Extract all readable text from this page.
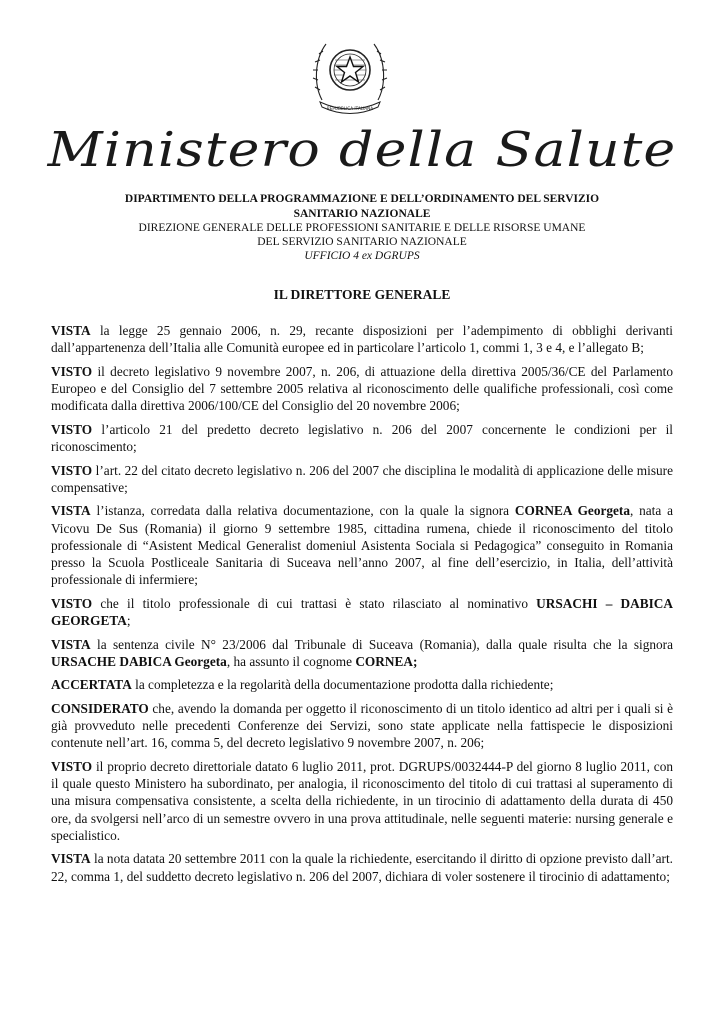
REPUBBLICA ITALIANA
Ministero della Salute
DIPARTIMENTO DELLA PROGRAMMAZIONE E DELL’ORDINAMENTO DEL SERVIZIO
SANITARIO NAZIONALE
DIREZIONE GENERALE DELLE PROFESSIONI SANITARIE E DELLE RISORSE UMANE
DEL SERVIZIO SANITARIO NAZIONALE
UFFICIO 4 ex DGRUPS
IL DIRETTORE GENERALE

VISTA la legge 25 gennaio 2006, n. 29, recante disposizioni per l’adempimento di obblighi derivanti dall’appartenenza dell’Italia alle Comunità europee ed in particolare l’articolo 1, commi 1, 3 e 4, e l’allegato B;

VISTO il decreto legislativo 9 novembre 2007, n. 206, di attuazione della direttiva 2005/36/CE del Parlamento Europeo e del Consiglio del 7 settembre 2005 relativa al riconoscimento delle qualifiche professionali, così come modificata dalla direttiva 2006/100/CE del Consiglio del 20 novembre 2006;

VISTO l’articolo 21 del predetto decreto legislativo n. 206 del 2007 concernente le condizioni per il riconoscimento;

VISTO l’art. 22 del citato decreto legislativo n. 206 del 2007 che disciplina le modalità di applicazione delle misure compensative;

VISTA l’istanza, corredata dalla relativa documentazione, con la quale la signora CORNEA Georgeta, nata a Vicovu De Sus (Romania) il giorno 9 settembre 1985, cittadina rumena, chiede il riconoscimento del titolo professionale di “Asistent Medical Generalist domeniul Asistenta Sociala si Pedagogica” conseguito in Romania presso la Scuola Postliceale Sanitaria di Suceava nell’anno 2007, al fine dell’esercizio, in Italia, dell’attività professionale di infermiere;

VISTO che il titolo professionale di cui trattasi è stato rilasciato al nominativo URSACHI – DABICA GEORGETA;

VISTA la sentenza civile N° 23/2006 dal Tribunale di Suceava (Romania), dalla quale risulta che la signora URSACHE DABICA Georgeta, ha assunto il cognome CORNEA;

ACCERTATA la completezza e la regolarità della documentazione prodotta dalla richiedente;

CONSIDERATO che, avendo la domanda per oggetto il riconoscimento di un titolo identico ad altri per i quali si è già provveduto nelle precedenti Conferenze dei Servizi, sono state applicate nella fattispecie le disposizioni contenute nell’art. 16, comma 5, del decreto legislativo 9 novembre 2007, n. 206;

VISTO il proprio decreto direttoriale datato 6 luglio 2011, prot. DGRUPS/0032444-P del giorno 8 luglio 2011, con il quale questo Ministero ha subordinato, per analogia, il riconoscimento del titolo di cui trattasi al superamento di una misura compensativa consistente, a scelta della richiedente, in un tirocinio di adattamento della durata di 450 ore, da svolgersi nell’arco di un semestre ovvero in una prova attitudinale, nelle seguenti materie: nursing generale e specialistico.

VISTA la nota datata 20 settembre 2011 con la quale la richiedente, esercitando il diritto di opzione previsto dall’art. 22, comma 1, del suddetto decreto legislativo n. 206 del 2007, dichiara di voler sostenere il tirocinio di adattamento;
